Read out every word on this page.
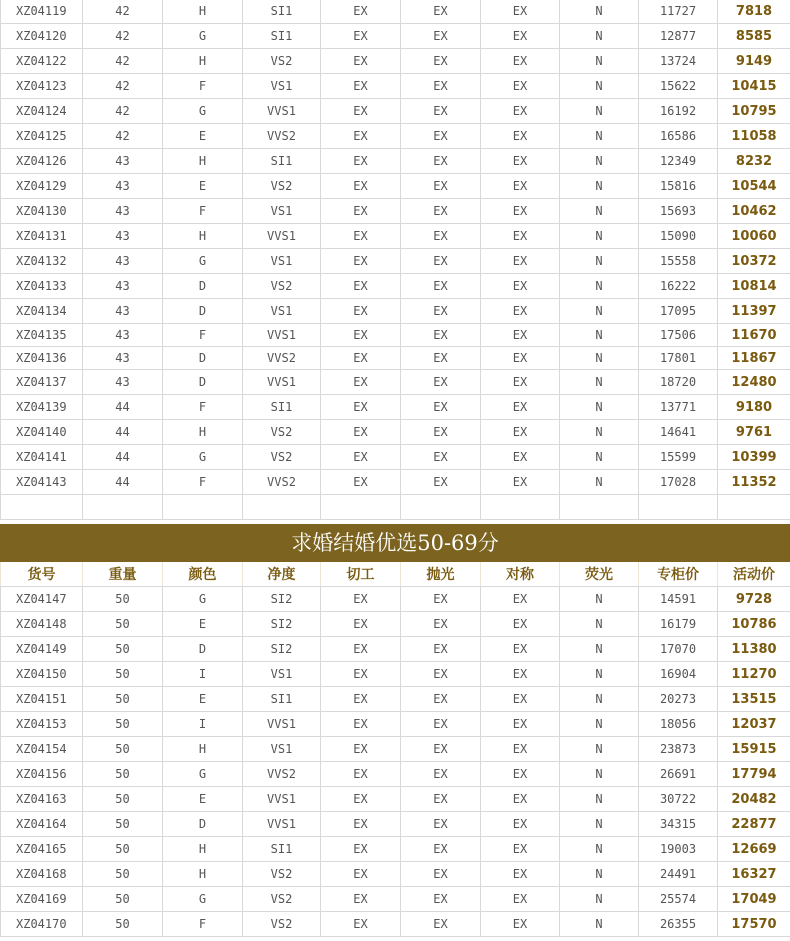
XZ04119	42	H	SI1	EX	EX	EX	N	11727	7818
XZ04120	42	G	SI1	EX	EX	EX	N	12877	8585
XZ04122	42	H	VS2	EX	EX	EX	N	13724	9149
XZ04123	42	F	VS1	EX	EX	EX	N	15622	10415
XZ04124	42	G	VVS1	EX	EX	EX	N	16192	10795
XZ04125	42	E	VVS2	EX	EX	EX	N	16586	11058
XZ04126	43	H	SI1	EX	EX	EX	N	12349	8232
XZ04129	43	E	VS2	EX	EX	EX	N	15816	10544
XZ04130	43	F	VS1	EX	EX	EX	N	15693	10462
XZ04131	43	H	VVS1	EX	EX	EX	N	15090	10060
XZ04132	43	G	VS1	EX	EX	EX	N	15558	10372
XZ04133	43	D	VS2	EX	EX	EX	N	16222	10814
XZ04134	43	D	VS1	EX	EX	EX	N	17095	11397
XZ04135	43	F	VVS1	EX	EX	EX	N	17506	11670
XZ04136	43	D	VVS2	EX	EX	EX	N	17801	11867
XZ04137	43	D	VVS1	EX	EX	EX	N	18720	12480
XZ04139	44	F	SI1	EX	EX	EX	N	13771	9180
XZ04140	44	H	VS2	EX	EX	EX	N	14641	9761
XZ04141	44	G	VS2	EX	EX	EX	N	15599	10399
XZ04143	44	F	VVS2	EX	EX	EX	N	17028	11352

求婚结婚优选50-69分
货号	重量	颜色	净度	切工	抛光	对称	荧光	专柜价	活动价
XZ04147	50	G	SI2	EX	EX	EX	N	14591	9728
XZ04148	50	E	SI2	EX	EX	EX	N	16179	10786
XZ04149	50	D	SI2	EX	EX	EX	N	17070	11380
XZ04150	50	I	VS1	EX	EX	EX	N	16904	11270
XZ04151	50	E	SI1	EX	EX	EX	N	20273	13515
XZ04153	50	I	VVS1	EX	EX	EX	N	18056	12037
XZ04154	50	H	VS1	EX	EX	EX	N	23873	15915
XZ04156	50	G	VVS2	EX	EX	EX	N	26691	17794
XZ04163	50	E	VVS1	EX	EX	EX	N	30722	20482
XZ04164	50	D	VVS1	EX	EX	EX	N	34315	22877
XZ04165	50	H	SI1	EX	EX	EX	N	19003	12669
XZ04168	50	H	VS2	EX	EX	EX	N	24491	16327
XZ04169	50	G	VS2	EX	EX	EX	N	25574	17049
XZ04170	50	F	VS2	EX	EX	EX	N	26355	17570
